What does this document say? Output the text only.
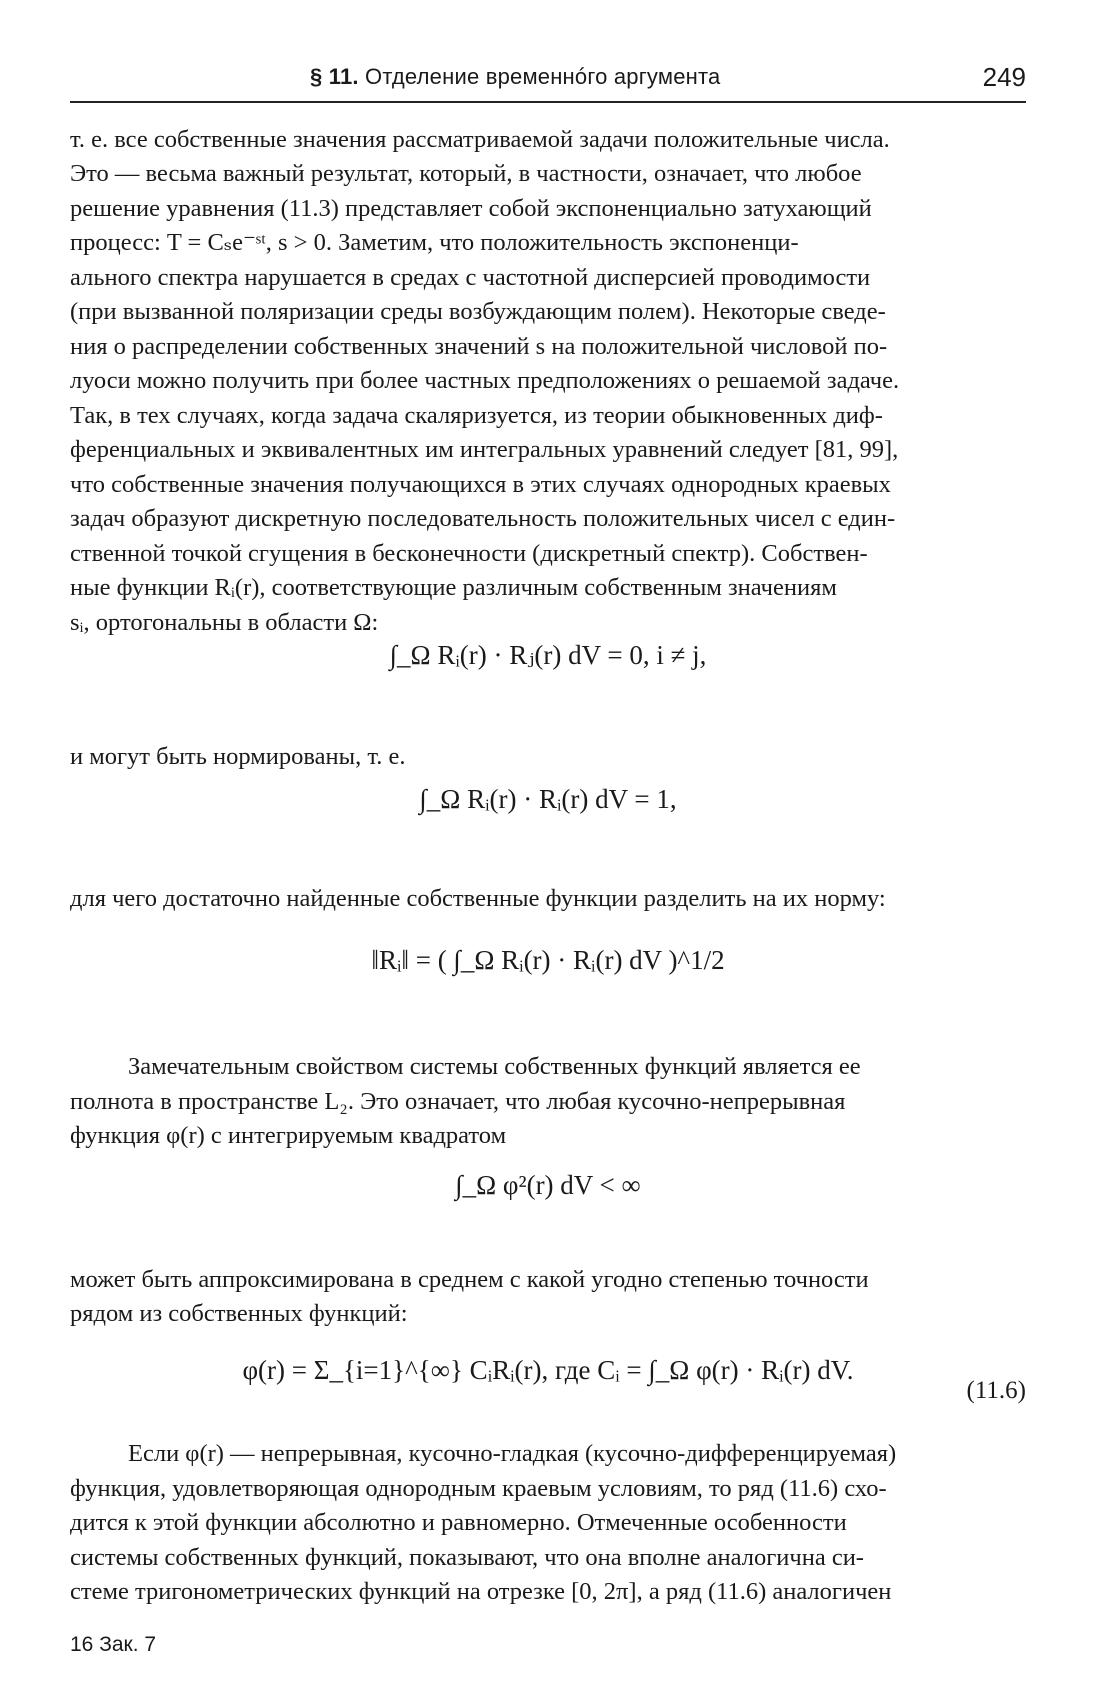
§ 11. Отделение временнóго аргумента	249

т. е. все собственные значения рассматриваемой задачи положительные числа.

Это — весьма важный результат, который, в частности, означает, что любое

решение уравнения (11.3) представляет собой экспоненциально затухающий

процесс: T = Cₛe⁻ˢᵗ, s > 0. Заметим, что положительность экспоненци-

ального спектра нарушается в средах с частотной дисперсией проводимости

(при вызванной поляризации среды возбуждающим полем). Некоторые сведе-

ния о распределении собственных значений s на положительной числовой по-

луоси можно получить при более частных предположениях о решаемой задаче.

Так, в тех случаях, когда задача скаляризуется, из теории обыкновенных диф-

ференциальных и эквивалентных им интегральных уравнений следует [81, 99],

что собственные значения получающихся в этих случаях однородных краевых

задач образуют дискретную последовательность положительных чисел с един-

ственной точкой сгущения в бесконечности (дискретный спектр). Собствен-

ные функции Rᵢ(r), соответствующие различным собственным значениям

sᵢ, ортогональны в области Ω:

∫_Ω Rᵢ(r) · Rⱼ(r) dV = 0, i ≠ j,

и могут быть нормированы, т. е.

∫_Ω Rᵢ(r) · Rᵢ(r) dV = 1,

для чего достаточно найденные собственные функции разделить на их норму:

‖Rᵢ‖ = ( ∫_Ω Rᵢ(r) · Rᵢ(r) dV )^1/2

Замечательным свойством системы собственных функций является ее

полнота в пространстве L₂. Это означает, что любая кусочно-непрерывная

функция φ(r) с интегрируемым квадратом

∫_Ω φ²(r) dV < ∞

может быть аппроксимирована в среднем с какой угодно степенью точности

рядом из собственных функций:

φ(r) = Σ_{i=1}^{∞} CᵢRᵢ(r), где Cᵢ = ∫_Ω φ(r) · Rᵢ(r) dV.
(11.6)

Если φ(r) — непрерывная, кусочно-гладкая (кусочно-дифференцируемая)

функция, удовлетворяющая однородным краевым условиям, то ряд (11.6) схо-

дится к этой функции абсолютно и равномерно. Отмеченные особенности

системы собственных функций, показывают, что она вполне аналогична си-

стеме тригонометрических функций на отрезке [0, 2π], а ряд (11.6) аналогичен

16 Зак. 7
